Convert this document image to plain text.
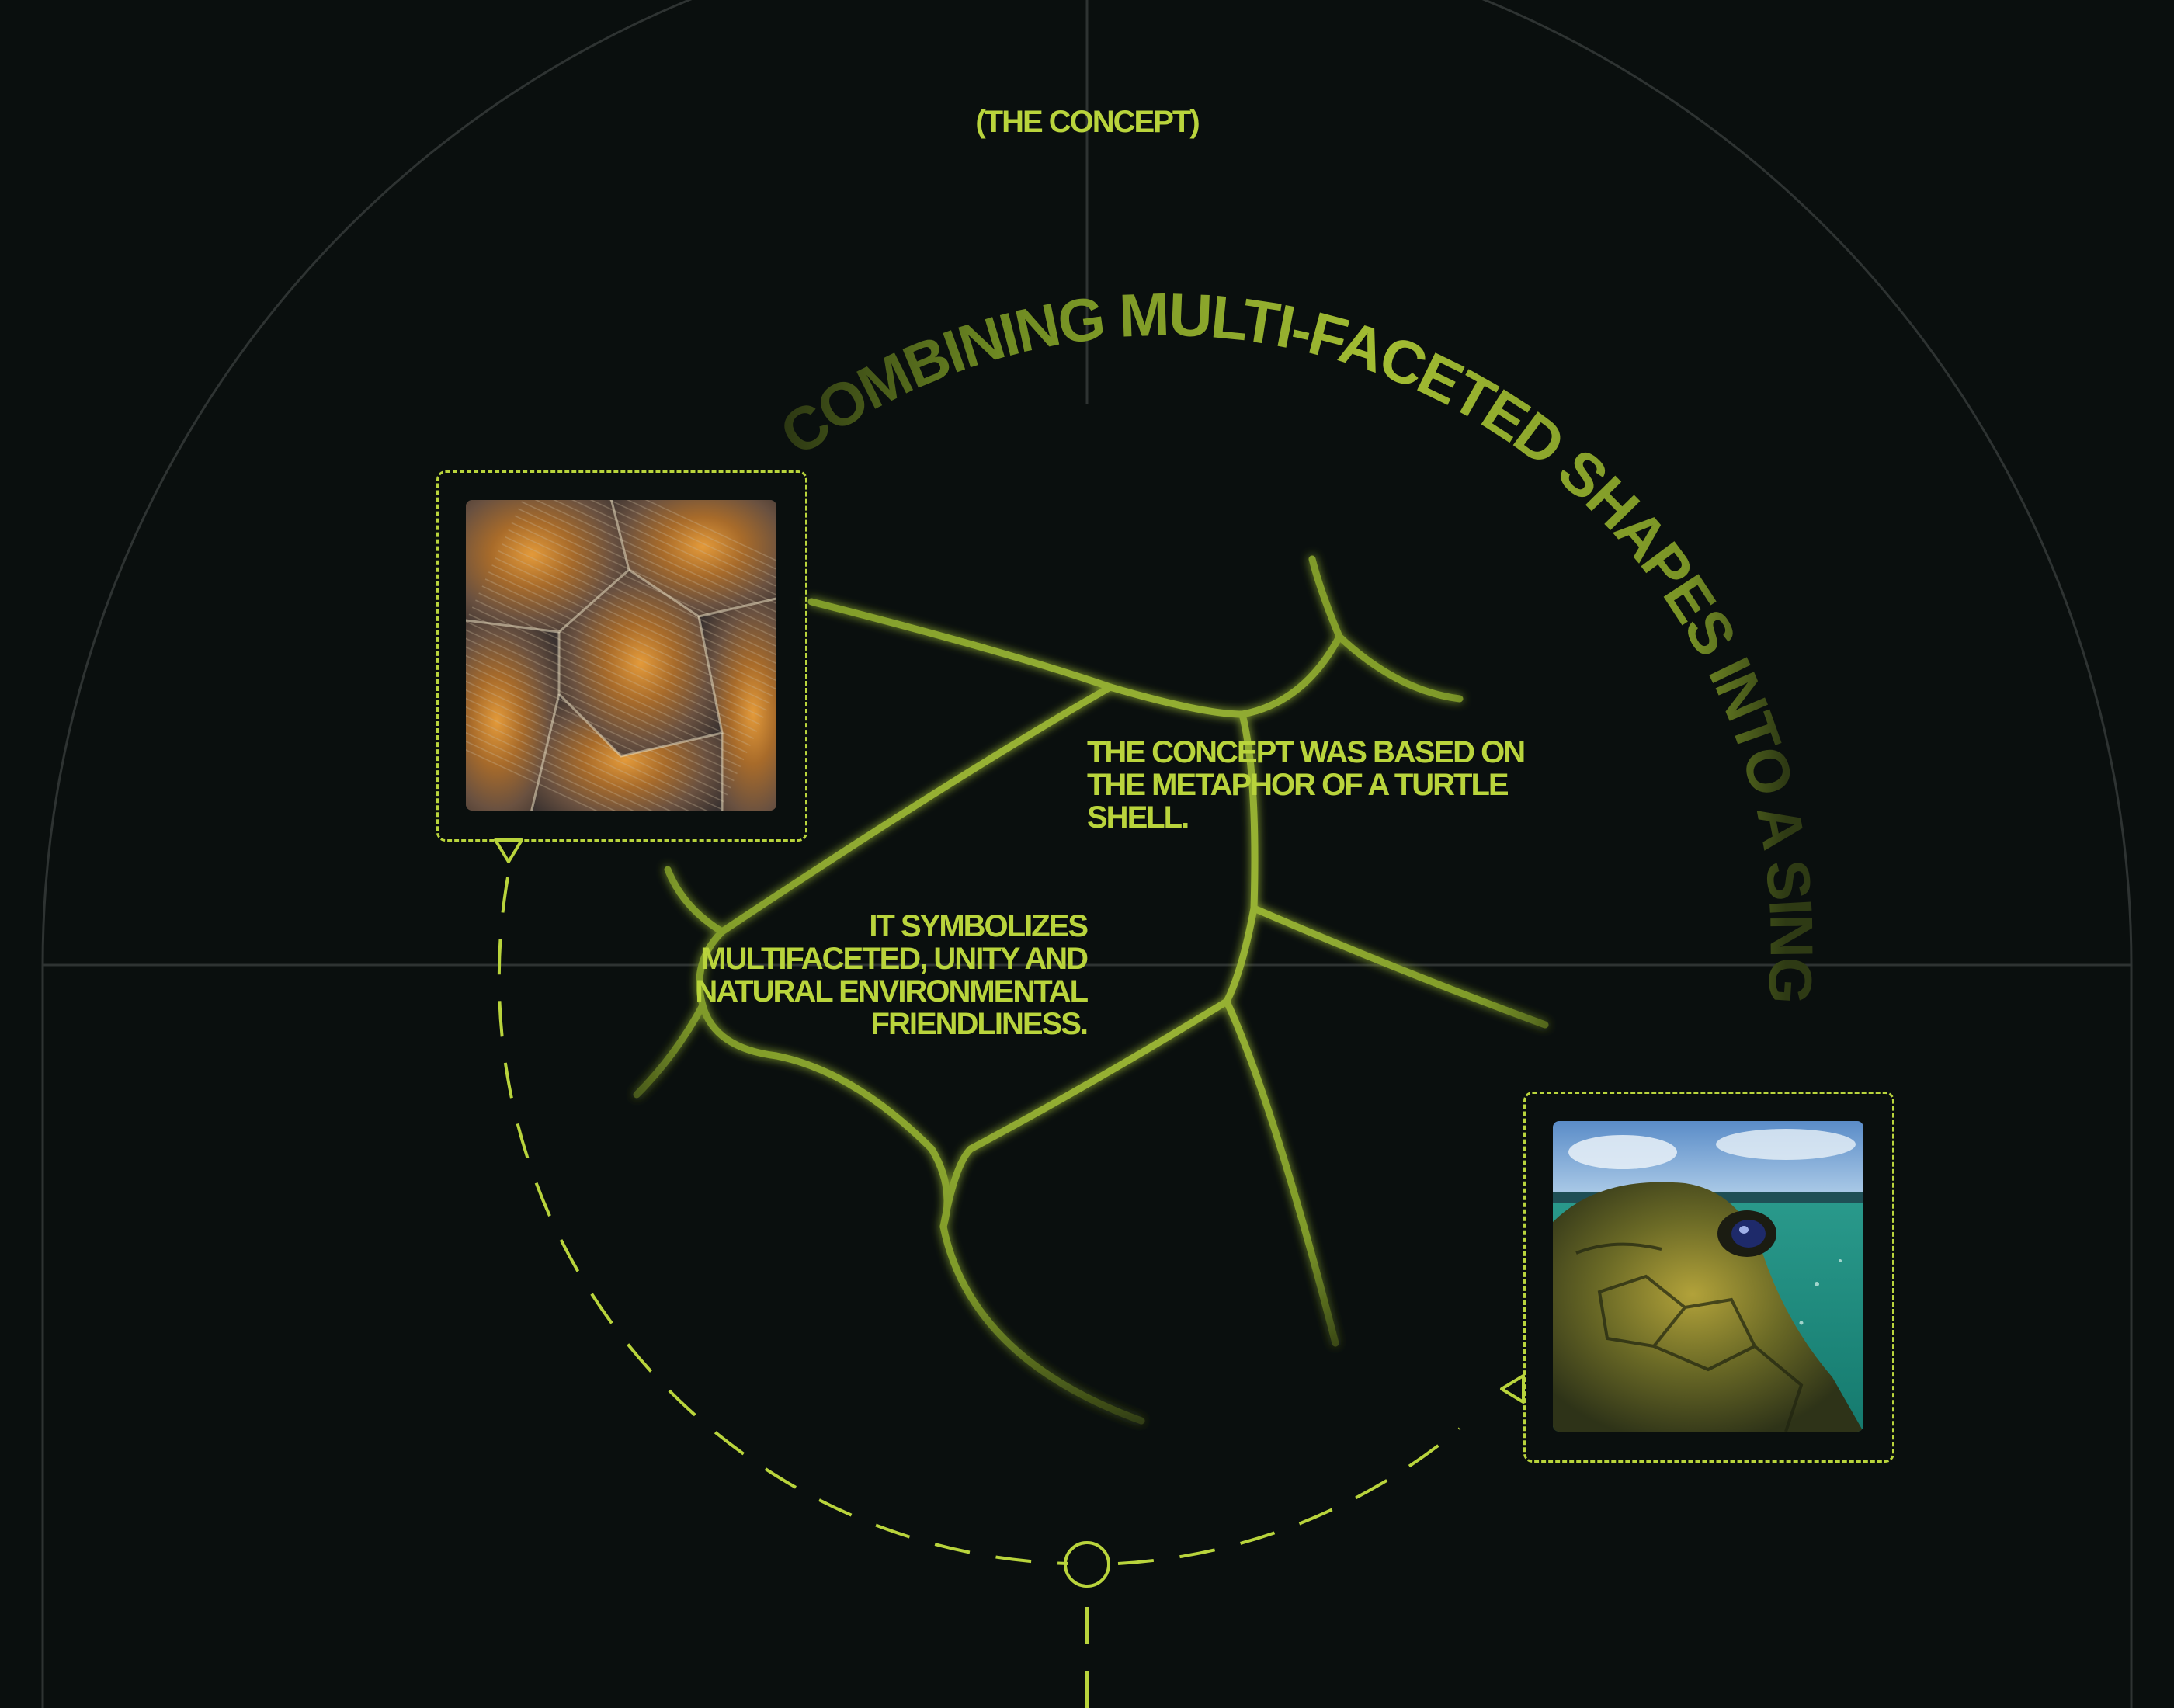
COMBINING MULTI-FACETED SHAPES INTO A SING

(THE CONCEPT)

THE CONCEPT WAS BASED ON THE METAPHOR OF A TURTLE SHELL.

IT SYMBOLIZES MULTIFACETED, UNITY AND NATURAL ENVIRONMENTAL FRIENDLINESS.
